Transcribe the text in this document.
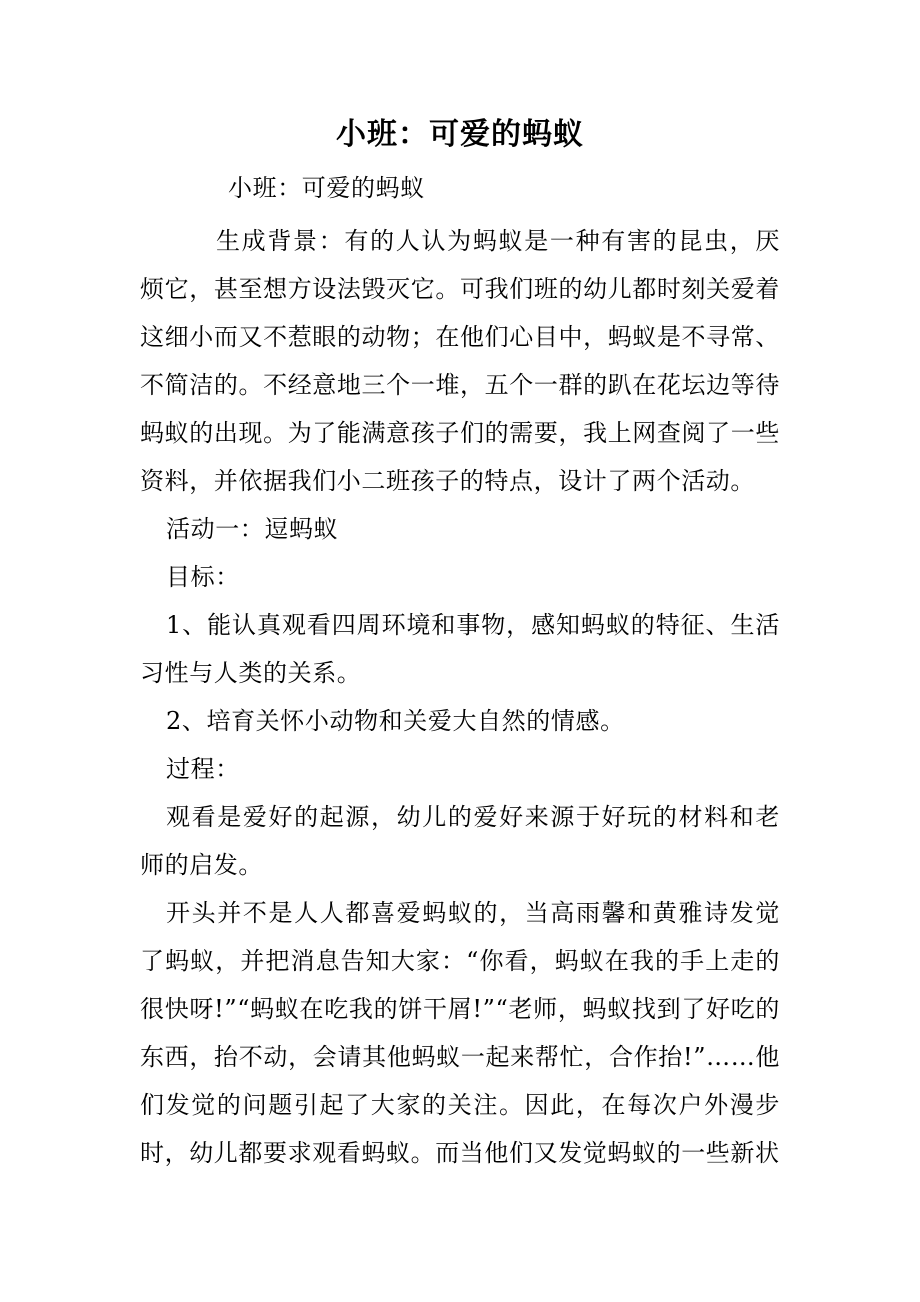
小班：可爱的蚂蚁

小班：可爱的蚂蚁

生成背景：有的人认为蚂蚁是一种有害的昆虫，厌烦它，甚至想方设法毁灭它。可我们班的幼儿都时刻关爱着这细小而又不惹眼的动物；在他们心目中，蚂蚁是不寻常、不简洁的。不经意地三个一堆，五个一群的趴在花坛边等待蚂蚁的出现。为了能满意孩子们的需要，我上网查阅了一些资料，并依据我们小二班孩子的特点，设计了两个活动。

活动一：逗蚂蚁

目标：

1、能认真观看四周环境和事物，感知蚂蚁的特征、生活习性与人类的关系。

2、培育关怀小动物和关爱大自然的情感。

过程：

观看是爱好的起源，幼儿的爱好来源于好玩的材料和老师的启发。

开头并不是人人都喜爱蚂蚁的，当高雨馨和黄雅诗发觉了蚂蚁，并把消息告知大家：“你看，蚂蚁在我的手上走的很快呀!”“蚂蚁在吃我的饼干屑!”“老师，蚂蚁找到了好吃的东西，抬不动，会请其他蚂蚁一起来帮忙，合作抬!”……他们发觉的问题引起了大家的关注。因此，在每次户外漫步时，幼儿都要求观看蚂蚁。而当他们又发觉蚂蚁的一些新状
